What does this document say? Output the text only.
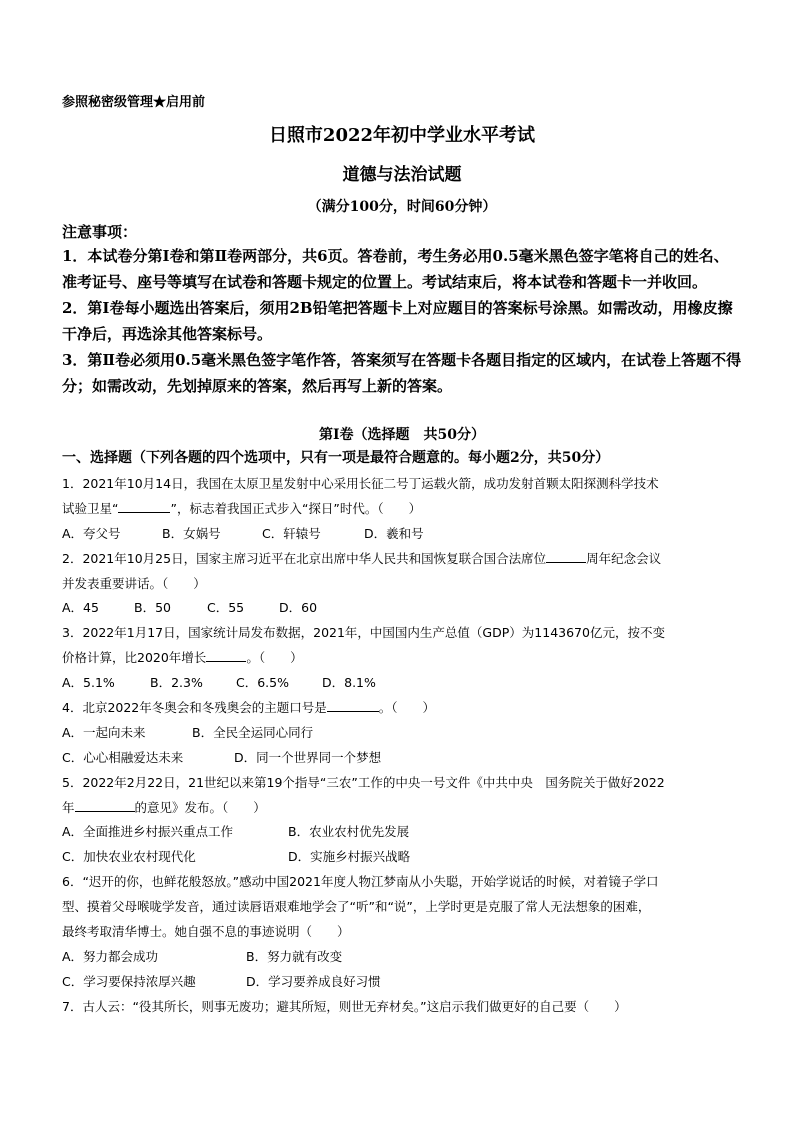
参照秘密级管理★启用前
日照市2022年初中学业水平考试
道德与法治试题
（满分100分，时间60分钟）
注意事项：

1．本试卷分第Ⅰ卷和第Ⅱ卷两部分，共6页。答卷前，考生务必用0.5毫米黑色签字笔将自己的姓名、准考证号、座号等填写在试卷和答题卡规定的位置上。考试结束后，将本试卷和答题卡一并收回。

2．第Ⅰ卷每小题选出答案后，须用2B铅笔把答题卡上对应题目的答案标号涂黑。如需改动，用橡皮擦干净后，再选涂其他答案标号。

3．第Ⅱ卷必须用0.5毫米黑色签字笔作答，答案须写在答题卡各题目指定的区域内，在试卷上答题不得分；如需改动，先划掉原来的答案，然后再写上新的答案。

第Ⅰ卷（选择题　共50分）
一、选择题（下列各题的四个选项中，只有一项是最符合题意的。每小题2分，共50分）
1．2021年10月14日，我国在太原卫星发射中心采用长征二号丁运载火箭，成功发射首颗太阳探测科学技术
试验卫星“	”，标志着我国正式步入“探日”时代。（　　）
A．夸父号	B．女娲号	C．轩辕号	D．羲和号
2．2021年10月25日，国家主席习近平在北京出席中华人民共和国恢复联合国合法席位	周年纪念会议
并发表重要讲话。（　　）
A．45	B．50	C．55	D．60
3．2022年1月17日，国家统计局发布数据，2021年，中国国内生产总值（GDP）为1143670亿元，按不变
价格计算，比2020年增长	。（　　）
A．5.1%	B．2.3%	C．6.5%	D．8.1%
4．北京2022年冬奥会和冬残奥会的主题口号是	。（　　）
A．一起向未来	B．全民全运同心同行
C．心心相融爱达未来	D．同一个世界同一个梦想
5．2022年2月22日，21世纪以来第19个指导“三农”工作的中央一号文件《中共中央　国务院关于做好2022
年	的意见》发布。（　　）
A．全面推进乡村振兴重点工作	B．农业农村优先发展
C．加快农业农村现代化	D．实施乡村振兴战略
6．“迟开的你，也鲜花般怒放。”感动中国2021年度人物江梦南从小失聪，开始学说话的时候，对着镜子学口
型、摸着父母喉咙学发音，通过读唇语艰难地学会了“听”和“说”，上学时更是克服了常人无法想象的困难，
最终考取清华博士。她自强不息的事迹说明（　　）
A．努力都会成功	B．努力就有改变
C．学习要保持浓厚兴趣	D．学习要养成良好习惯
7．古人云：“役其所长，则事无废功；避其所短，则世无弃材矣。”这启示我们做更好的自己要（　　）
